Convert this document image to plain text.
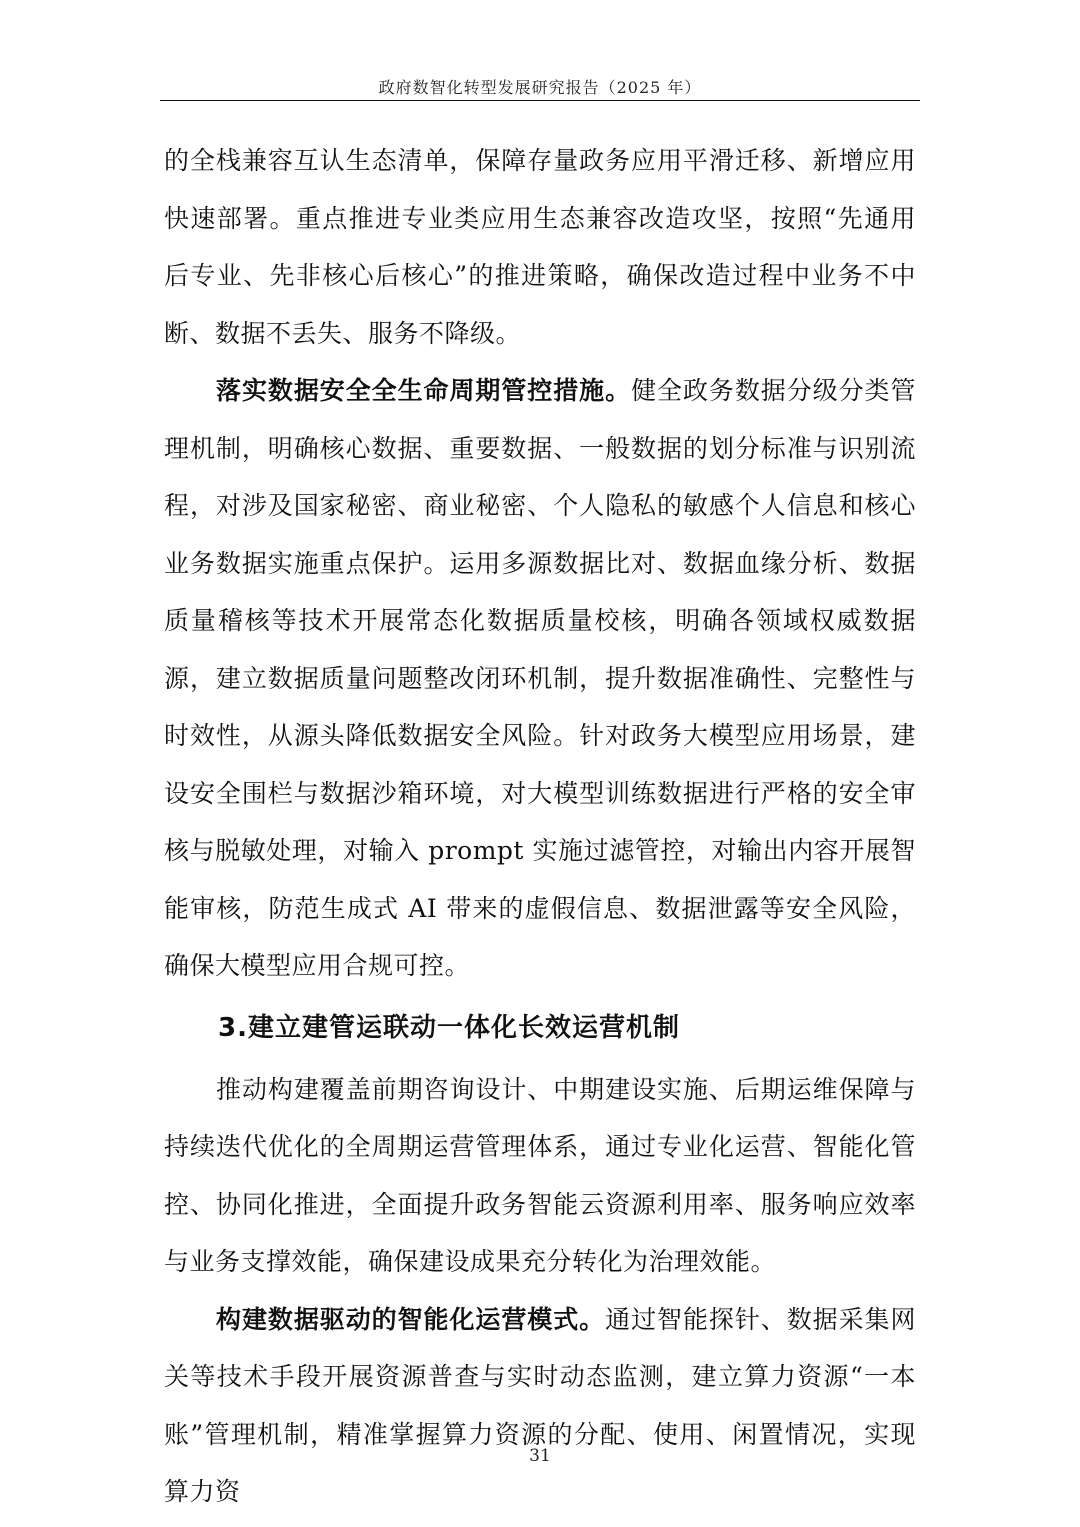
政府数智化转型发展研究报告（2025 年）

的全栈兼容互认生态清单，保障存量政务应用平滑迁移、新增应用快速部署。重点推进专业类应用生态兼容改造攻坚，按照“先通用后专业、先非核心后核心”的推进策略，确保改造过程中业务不中断、数据不丢失、服务不降级。

落实数据安全全生命周期管控措施。健全政务数据分级分类管理机制，明确核心数据、重要数据、一般数据的划分标准与识别流程，对涉及国家秘密、商业秘密、个人隐私的敏感个人信息和核心业务数据实施重点保护。运用多源数据比对、数据血缘分析、数据质量稽核等技术开展常态化数据质量校核，明确各领域权威数据源，建立数据质量问题整改闭环机制，提升数据准确性、完整性与时效性，从源头降低数据安全风险。针对政务大模型应用场景，建设安全围栏与数据沙箱环境，对大模型训练数据进行严格的安全审核与脱敏处理，对输入 prompt 实施过滤管控，对输出内容开展智能审核，防范生成式 AI 带来的虚假信息、数据泄露等安全风险，确保大模型应用合规可控。

3.建立建管运联动一体化长效运营机制

推动构建覆盖前期咨询设计、中期建设实施、后期运维保障与持续迭代优化的全周期运营管理体系，通过专业化运营、智能化管控、协同化推进，全面提升政务智能云资源利用率、服务响应效率与业务支撑效能，确保建设成果充分转化为治理效能。

构建数据驱动的智能化运营模式。通过智能探针、数据采集网关等技术手段开展资源普查与实时动态监测，建立算力资源“一本账”管理机制，精准掌握算力资源的分配、使用、闲置情况，实现算力资

31
